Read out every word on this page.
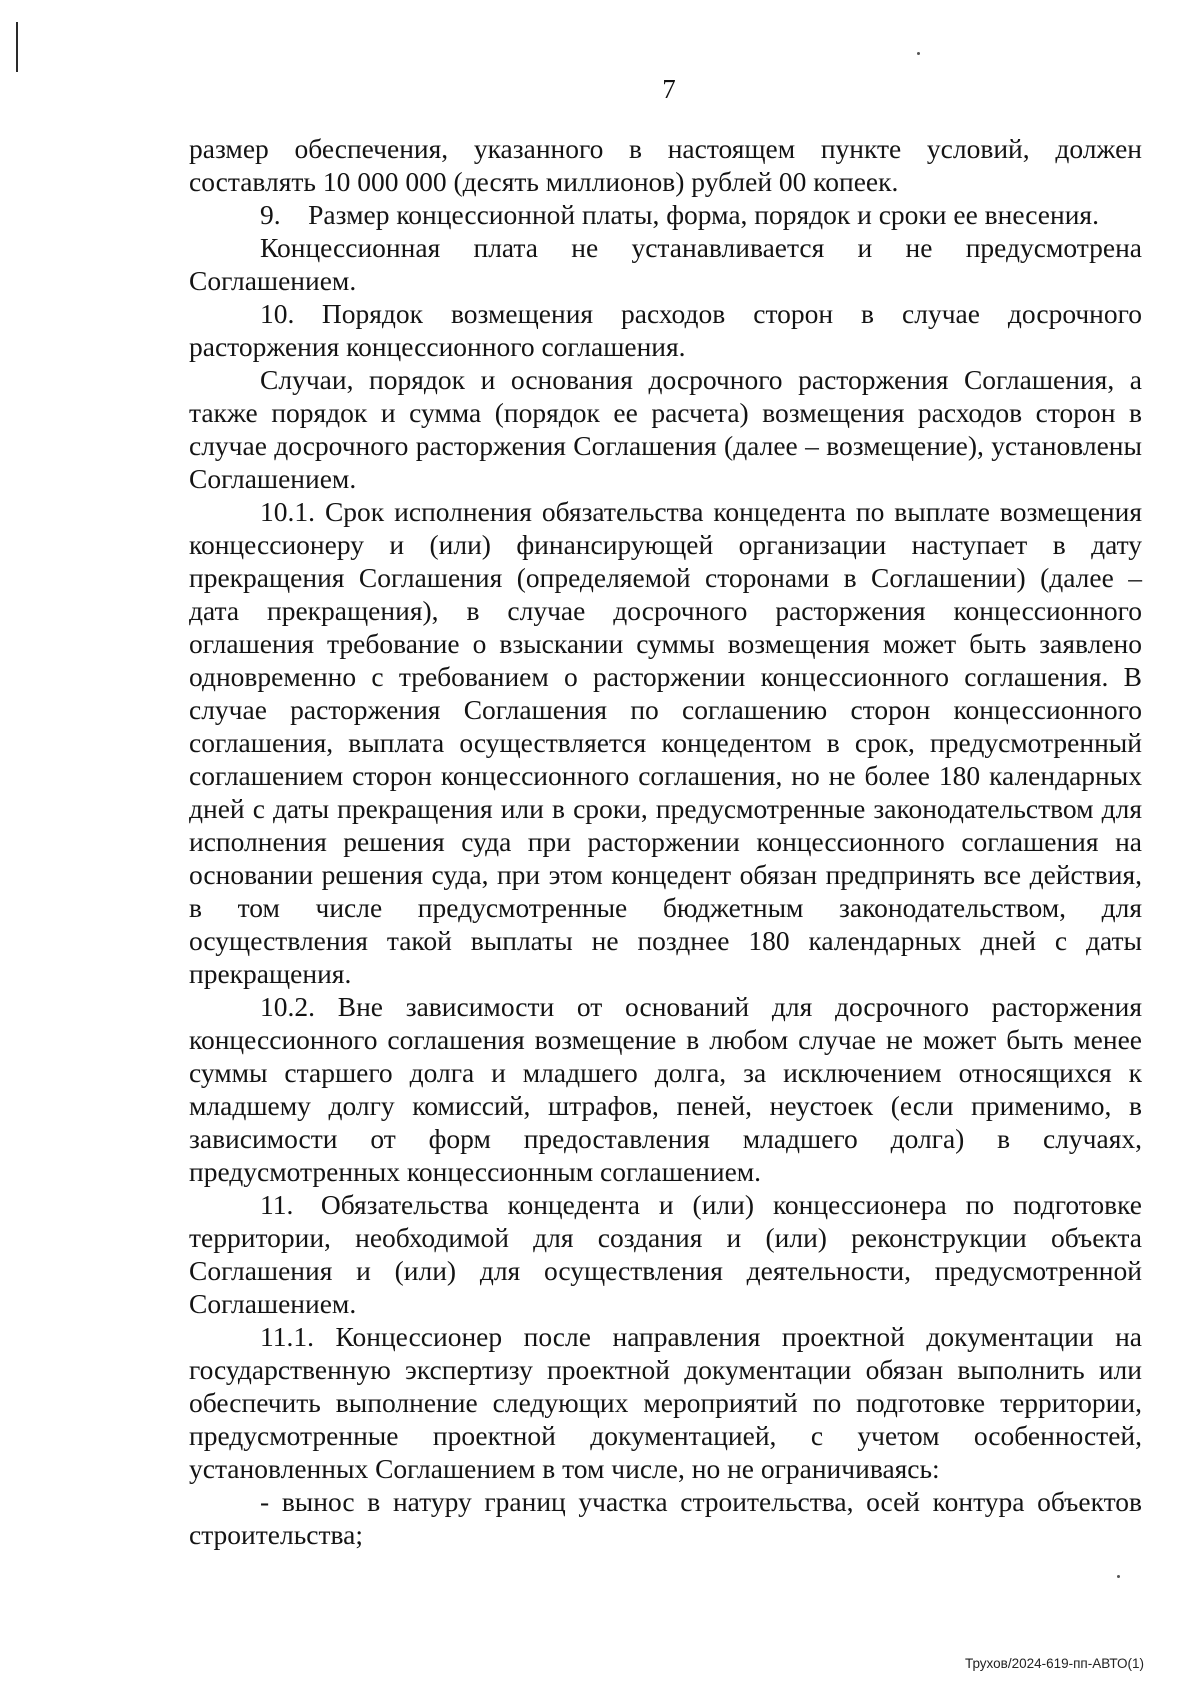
7

размер обеспечения, указанного в настоящем пункте условий, должен составлять 10 000 000 (десять миллионов) рублей 00 копеек.

9. Размер концессионной платы, форма, порядок и сроки ее внесения.

Концессионная плата не устанавливается и не предусмотрена Соглашением.

10. Порядок возмещения расходов сторон в случае досрочного расторжения концессионного соглашения.

Случаи, порядок и основания досрочного расторжения Соглашения, а также порядок и сумма (порядок ее расчета) возмещения расходов сторон в случае досрочного расторжения Соглашения (далее – возмещение), установлены Соглашением.

10.1. Срок исполнения обязательства концедента по выплате возмещения концессионеру и (или) финансирующей организации наступает в дату прекращения Соглашения (определяемой сторонами в Соглашении) (далее – дата прекращения), в случае досрочного расторжения концессионного оглашения требование о взыскании суммы возмещения может быть заявлено одновременно с требованием о расторжении концессионного соглашения. В случае расторжения Соглашения по соглашению сторон концессионного соглашения, выплата осуществляется концедентом в срок, предусмотренный соглашением сторон концессионного соглашения, но не более 180 календарных дней с даты прекращения или в сроки, предусмотренные законодательством для исполнения решения суда при расторжении концессионного соглашения на основании решения суда, при этом концедент обязан предпринять все действия, в том числе предусмотренные бюджетным законодательством, для осуществления такой выплаты не позднее 180 календарных дней с даты прекращения.

10.2. Вне зависимости от оснований для досрочного расторжения концессионного соглашения возмещение в любом случае не может быть менее суммы старшего долга и младшего долга, за исключением относящихся к младшему долгу комиссий, штрафов, пеней, неустоек (если применимо, в зависимости от форм предоставления младшего долга) в случаях, предусмотренных концессионным соглашением.

11. Обязательства концедента и (или) концессионера по подготовке территории, необходимой для создания и (или) реконструкции объекта Соглашения и (или) для осуществления деятельности, предусмотренной Соглашением.

11.1. Концессионер после направления проектной документации на государственную экспертизу проектной документации обязан выполнить или обеспечить выполнение следующих мероприятий по подготовке территории, предусмотренные проектной документацией, с учетом особенностей, установленных Соглашением в том числе, но не ограничиваясь:

- вынос в натуру границ участка строительства, осей контура объектов строительства;

Трухов/2024-619-пп-АВТО(1)
